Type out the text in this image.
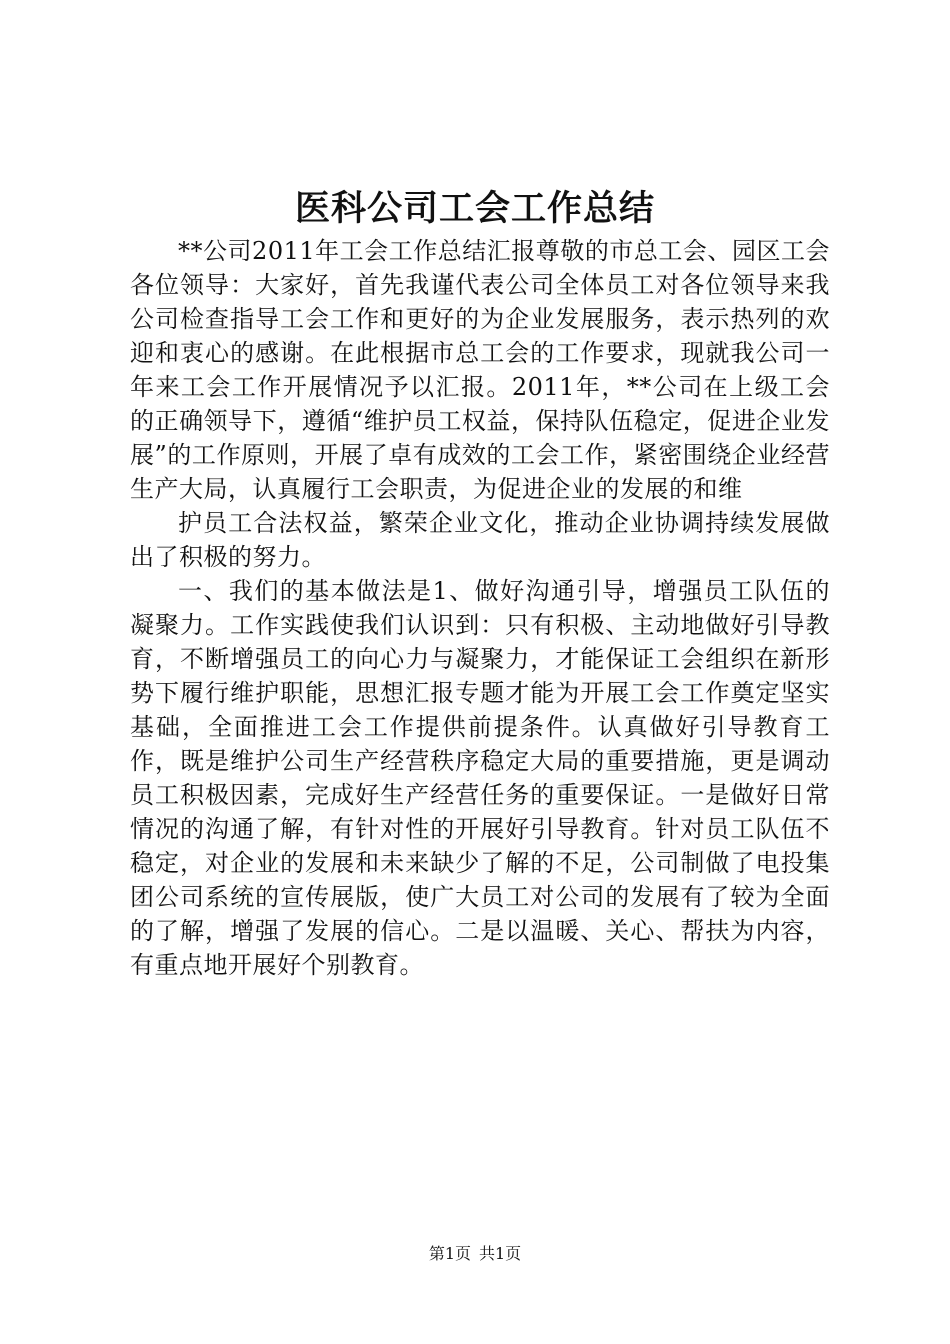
医科公司工会工作总结

**公司2011年工会工作总结汇报尊敬的市总工会、园区工会各位领导：大家好，首先我谨代表公司全体员工对各位领导来我公司检查指导工会工作和更好的为企业发展服务，表示热列的欢迎和衷心的感谢。在此根据市总工会的工作要求，现就我公司一年来工会工作开展情况予以汇报。2011年，**公司在上级工会的正确领导下，遵循“维护员工权益，保持队伍稳定，促进企业发展”的工作原则，开展了卓有成效的工会工作，紧密围绕企业经营生产大局，认真履行工会职责，为促进企业的发展的和维

护员工合法权益，繁荣企业文化，推动企业协调持续发展做出了积极的努力。

一、我们的基本做法是1、做好沟通引导，增强员工队伍的凝聚力。工作实践使我们认识到：只有积极、主动地做好引导教育，不断增强员工的向心力与凝聚力，才能保证工会组织在新形势下履行维护职能，思想汇报专题才能为开展工会工作奠定坚实基础，全面推进工会工作提供前提条件。认真做好引导教育工作，既是维护公司生产经营秩序稳定大局的重要措施，更是调动员工积极因素，完成好生产经营任务的重要保证。一是做好日常情况的沟通了解，有针对性的开展好引导教育。针对员工队伍不稳定，对企业的发展和未来缺少了解的不足，公司制做了电投集团公司系统的宣传展版，使广大员工对公司的发展有了较为全面的了解，增强了发展的信心。二是以温暖、关心、帮扶为内容，有重点地开展好个别教育。

第1页 共1页
